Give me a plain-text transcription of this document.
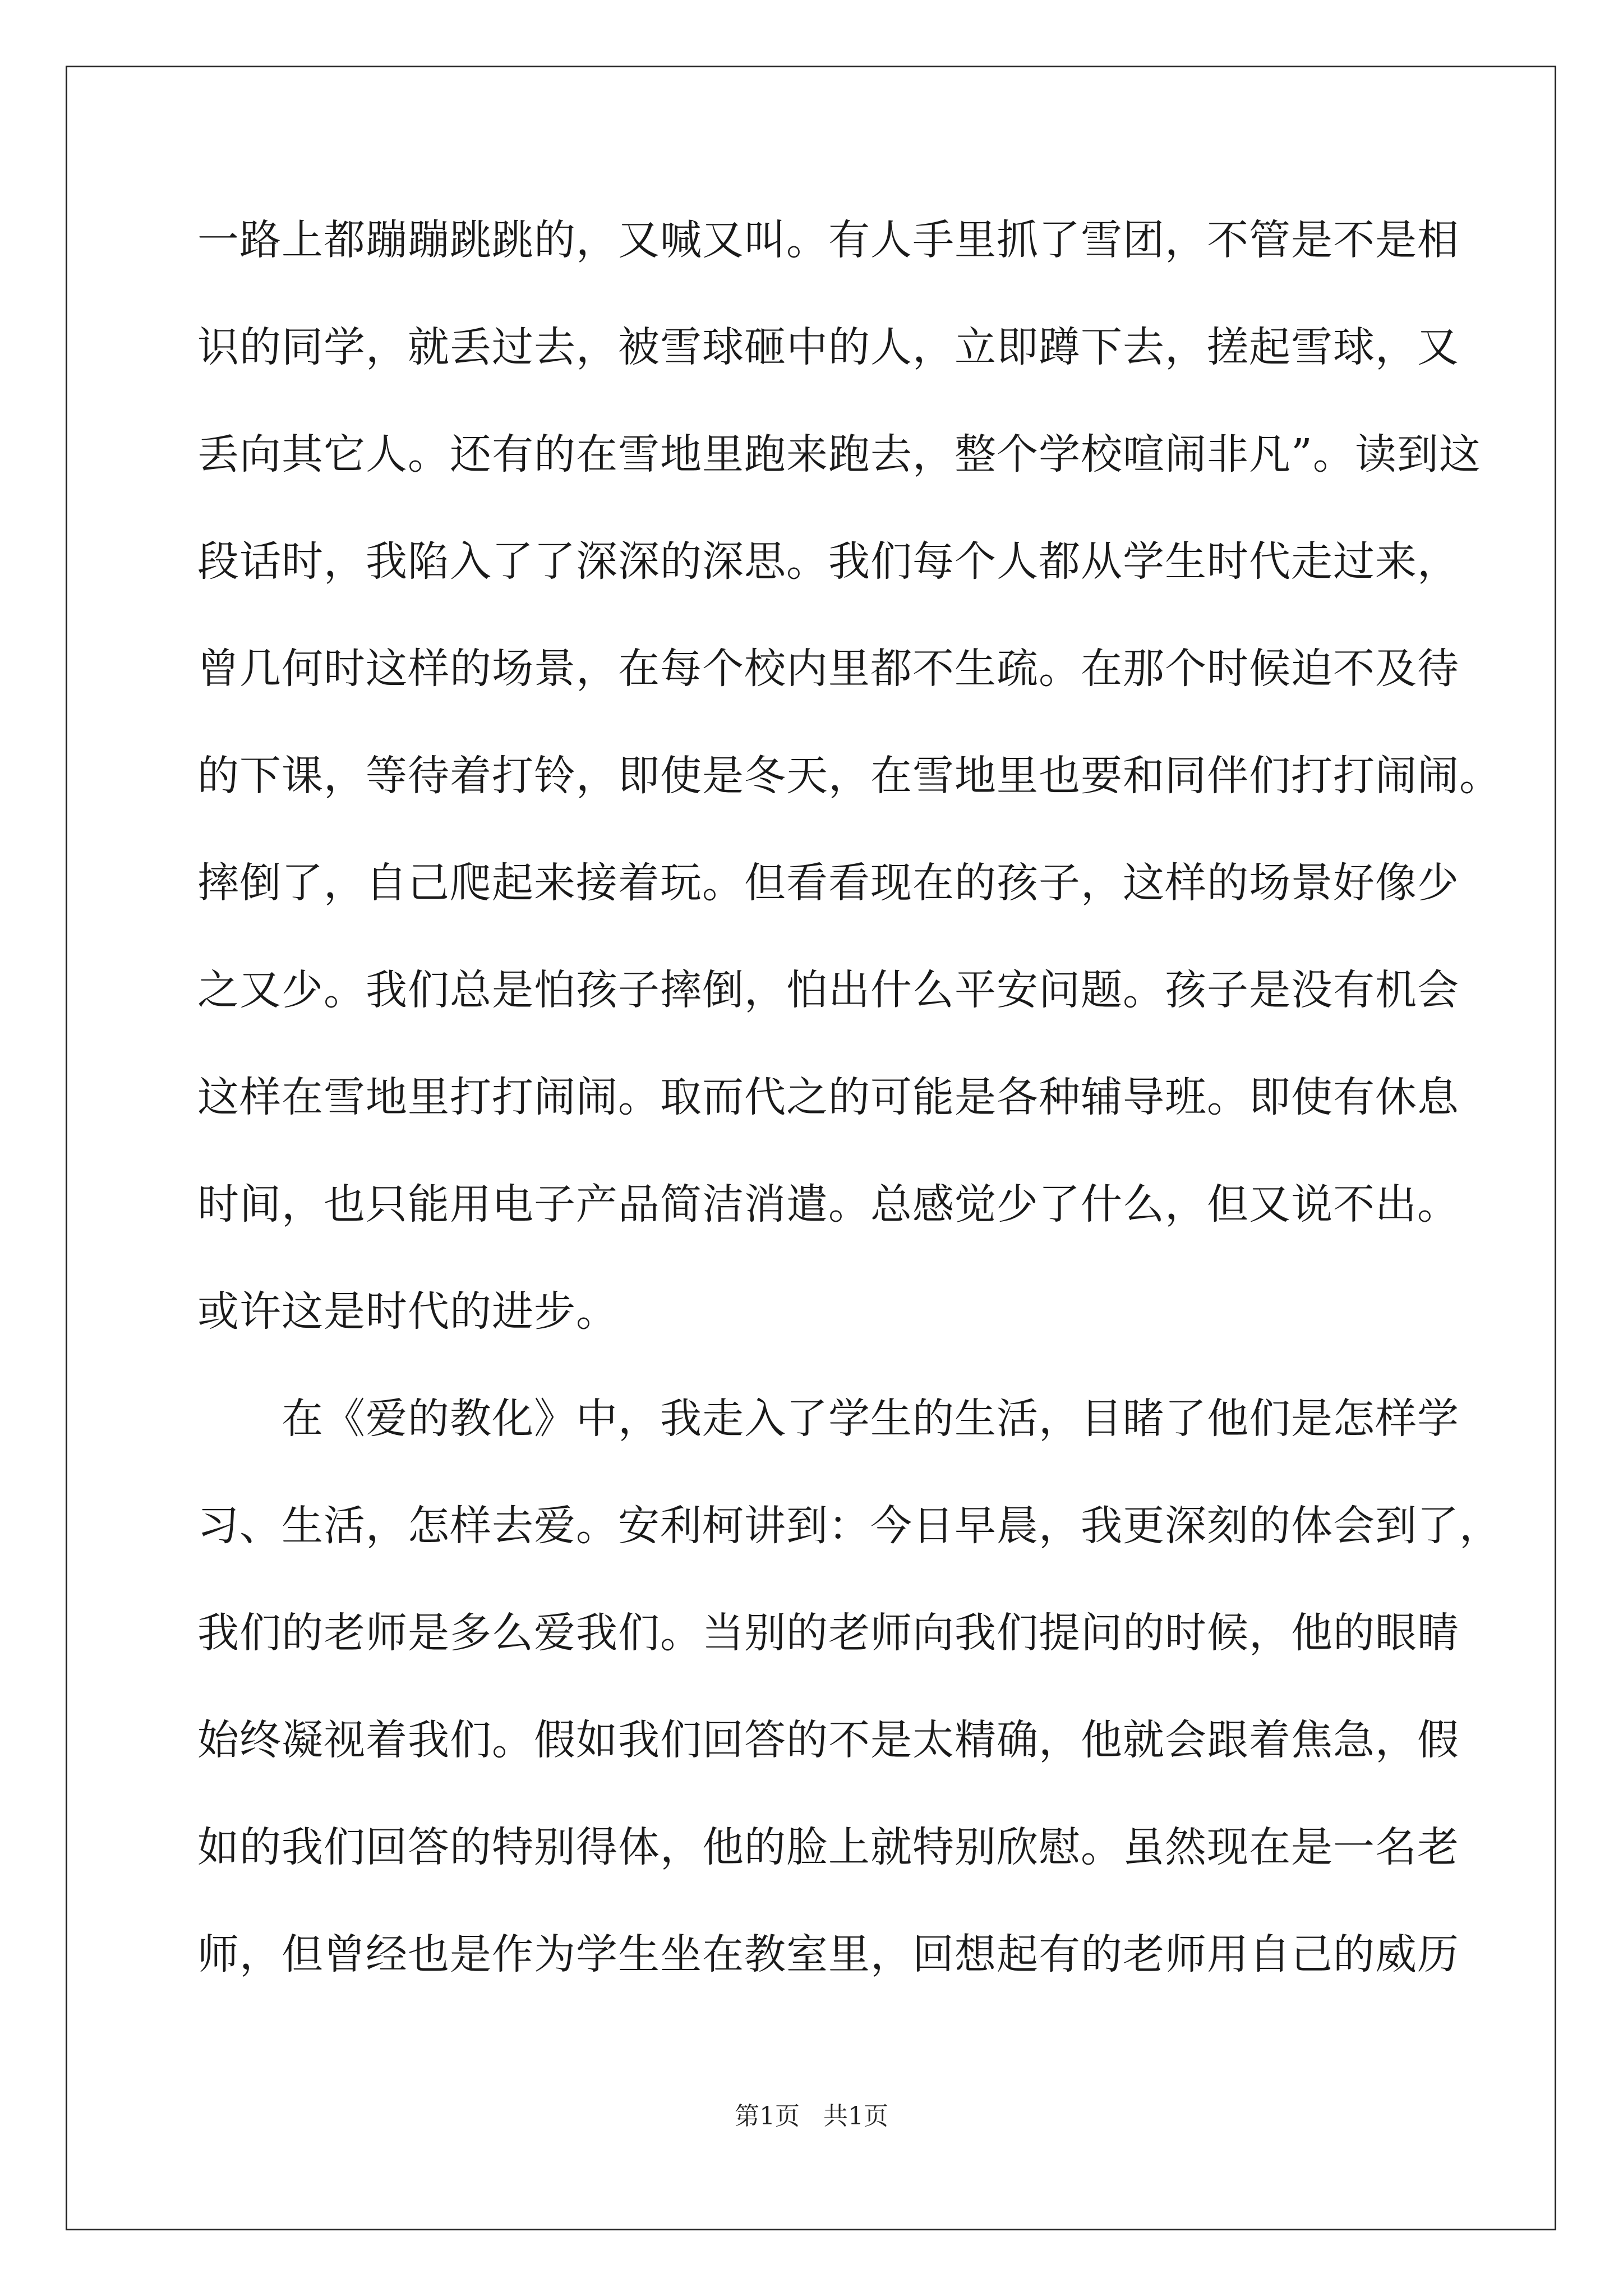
一路上都蹦蹦跳跳的，又喊又叫。有人手里抓了雪团，不管是不是相
识的同学，就丢过去，被雪球砸中的人，立即蹲下去，搓起雪球，又
丢向其它人。还有的在雪地里跑来跑去，整个学校喧闹非凡”。读到这
段话时，我陷入了了深深的深思。我们每个人都从学生时代走过来，
曾几何时这样的场景，在每个校内里都不生疏。在那个时候迫不及待
的下课，等待着打铃，即使是冬天，在雪地里也要和同伴们打打闹闹。
摔倒了，自己爬起来接着玩。但看看现在的孩子，这样的场景好像少
之又少。我们总是怕孩子摔倒，怕出什么平安问题。孩子是没有机会
这样在雪地里打打闹闹。取而代之的可能是各种辅导班。即使有休息
时间，也只能用电子产品简洁消遣。总感觉少了什么，但又说不出。
或许这是时代的进步。
　　在《爱的教化》中，我走入了学生的生活，目睹了他们是怎样学
习、生活，怎样去爱。安利柯讲到：今日早晨，我更深刻的体会到了，
我们的老师是多么爱我们。当别的老师向我们提问的时候，他的眼睛
始终凝视着我们。假如我们回答的不是太精确，他就会跟着焦急，假
如的我们回答的特别得体，他的脸上就特别欣慰。虽然现在是一名老
师，但曾经也是作为学生坐在教室里，回想起有的老师用自己的威历
第1页   共1页
